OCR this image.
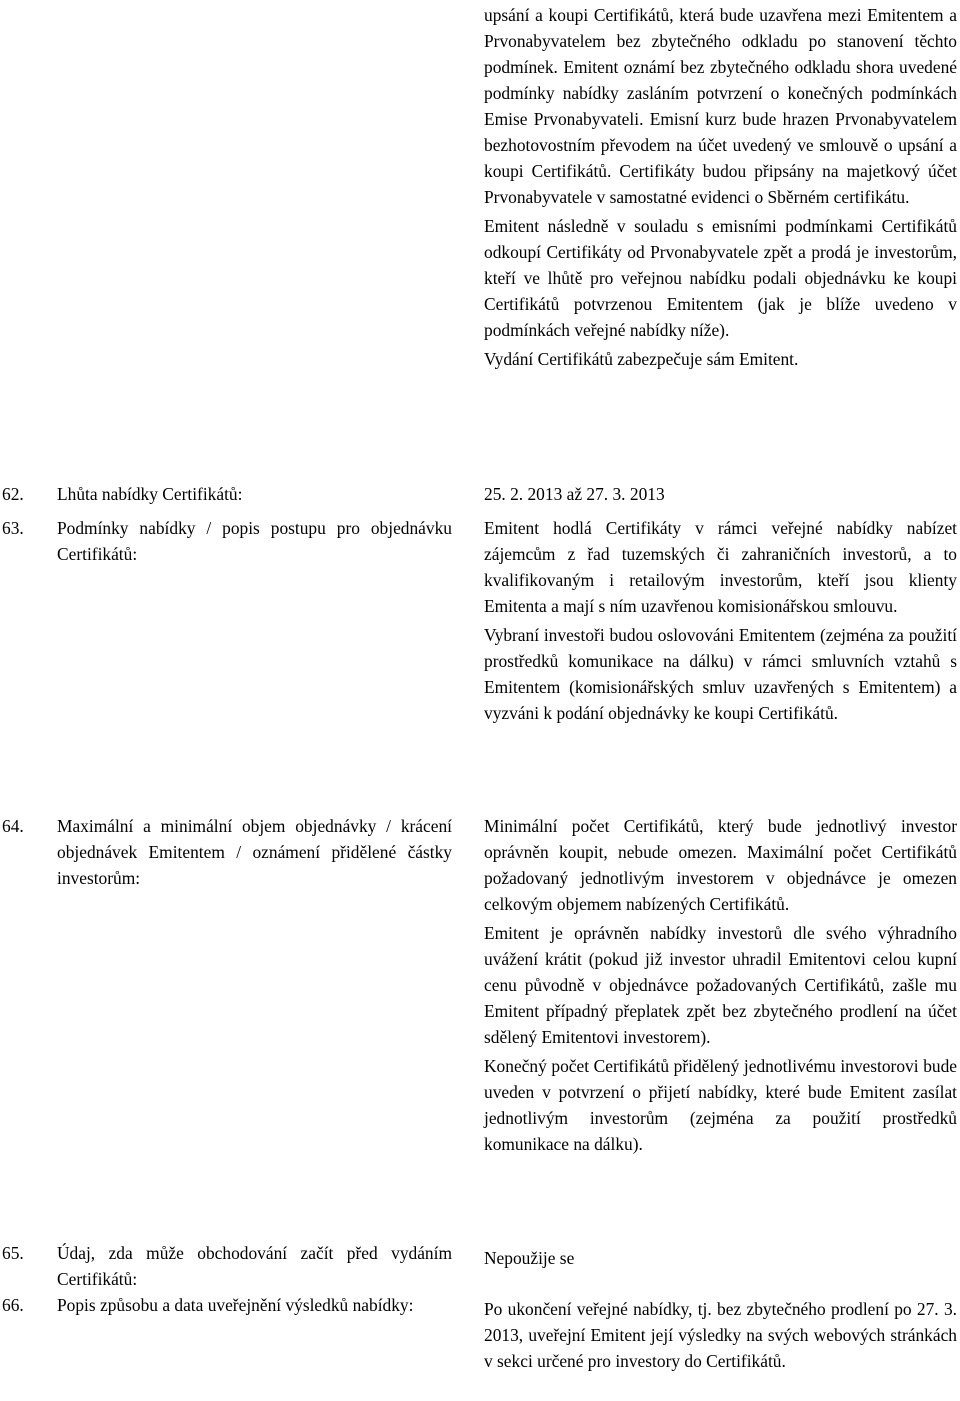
upsání a koupi Certifikátů, která bude uzavřena mezi Emitentem a Prvonabyvatelem bez zbytečného odkladu po stanovení těchto podmínek. Emitent oznámí bez zbytečného odkladu shora uvedené podmínky nabídky zasláním potvrzení o konečných podmínkách Emise Prvonabyvateli. Emisní kurz bude hrazen Prvonabyvatelem bezhotovostním převodem na účet uvedený ve smlouvě o upsání a koupi Certifikátů. Certifikáty budou připsány na majetkový účet Prvonabyvatele v samostatné evidenci o Sběrném certifikátu.

Emitent následně v souladu s emisními podmínkami Certifikátů odkoupí Certifikáty od Prvonabyvatele zpět a prodá je investorům, kteří ve lhůtě pro veřejnou nabídku podali objednávku ke koupi Certifikátů potvrzenou Emitentem (jak je blíže uvedeno v podmínkách veřejné nabídky níže).

Vydání Certifikátů zabezpečuje sám Emitent.

62.	Lhůta nabídky Certifikátů:	25. 2. 2013 až 27. 3. 2013

63.	Podmínky nabídky / popis postupu pro objednávku Certifikátů:

Emitent hodlá Certifikáty v rámci veřejné nabídky nabízet zájemcům z řad tuzemských či zahraničních investorů, a to kvalifikovaným i retailovým investorům, kteří jsou klienty Emitenta a mají s ním uzavřenou komisionářskou smlouvu.

Vybraní investoři budou oslovováni Emitentem (zejména za použití prostředků komunikace na dálku) v rámci smluvních vztahů s Emitentem (komisionářských smluv uzavřených s Emitentem) a vyzváni k podání objednávky ke koupi Certifikátů.

64.	Maximální a minimální objem objednávky / krácení objednávek Emitentem / oznámení přidělené částky investorům:

Minimální počet Certifikátů, který bude jednotlivý investor oprávněn koupit, nebude omezen. Maximální počet Certifikátů požadovaný jednotlivým investorem v objednávce je omezen celkovým objemem nabízených Certifikátů.

Emitent je oprávněn nabídky investorů dle svého výhradního uvážení krátit (pokud již investor uhradil Emitentovi celou kupní cenu původně v objednávce požadovaných Certifikátů, zašle mu Emitent případný přeplatek zpět bez zbytečného prodlení na účet sdělený Emitentovi investorem).

Konečný počet Certifikátů přidělený jednotlivému investorovi bude uveden v potvrzení o přijetí nabídky, které bude Emitent zasílat jednotlivým investorům (zejména za použití prostředků komunikace na dálku).

65.	Údaj, zda může obchodování začít před vydáním Certifikátů:

Nepoužije se

66.	Popis způsobu a data uveřejnění výsledků nabídky:	Po ukončení veřejné nabídky, tj. bez zbytečného prodlení po 27. 3. 2013, uveřejní Emitent její výsledky na svých webových stránkách v sekci určené pro investory do Certifikátů.
